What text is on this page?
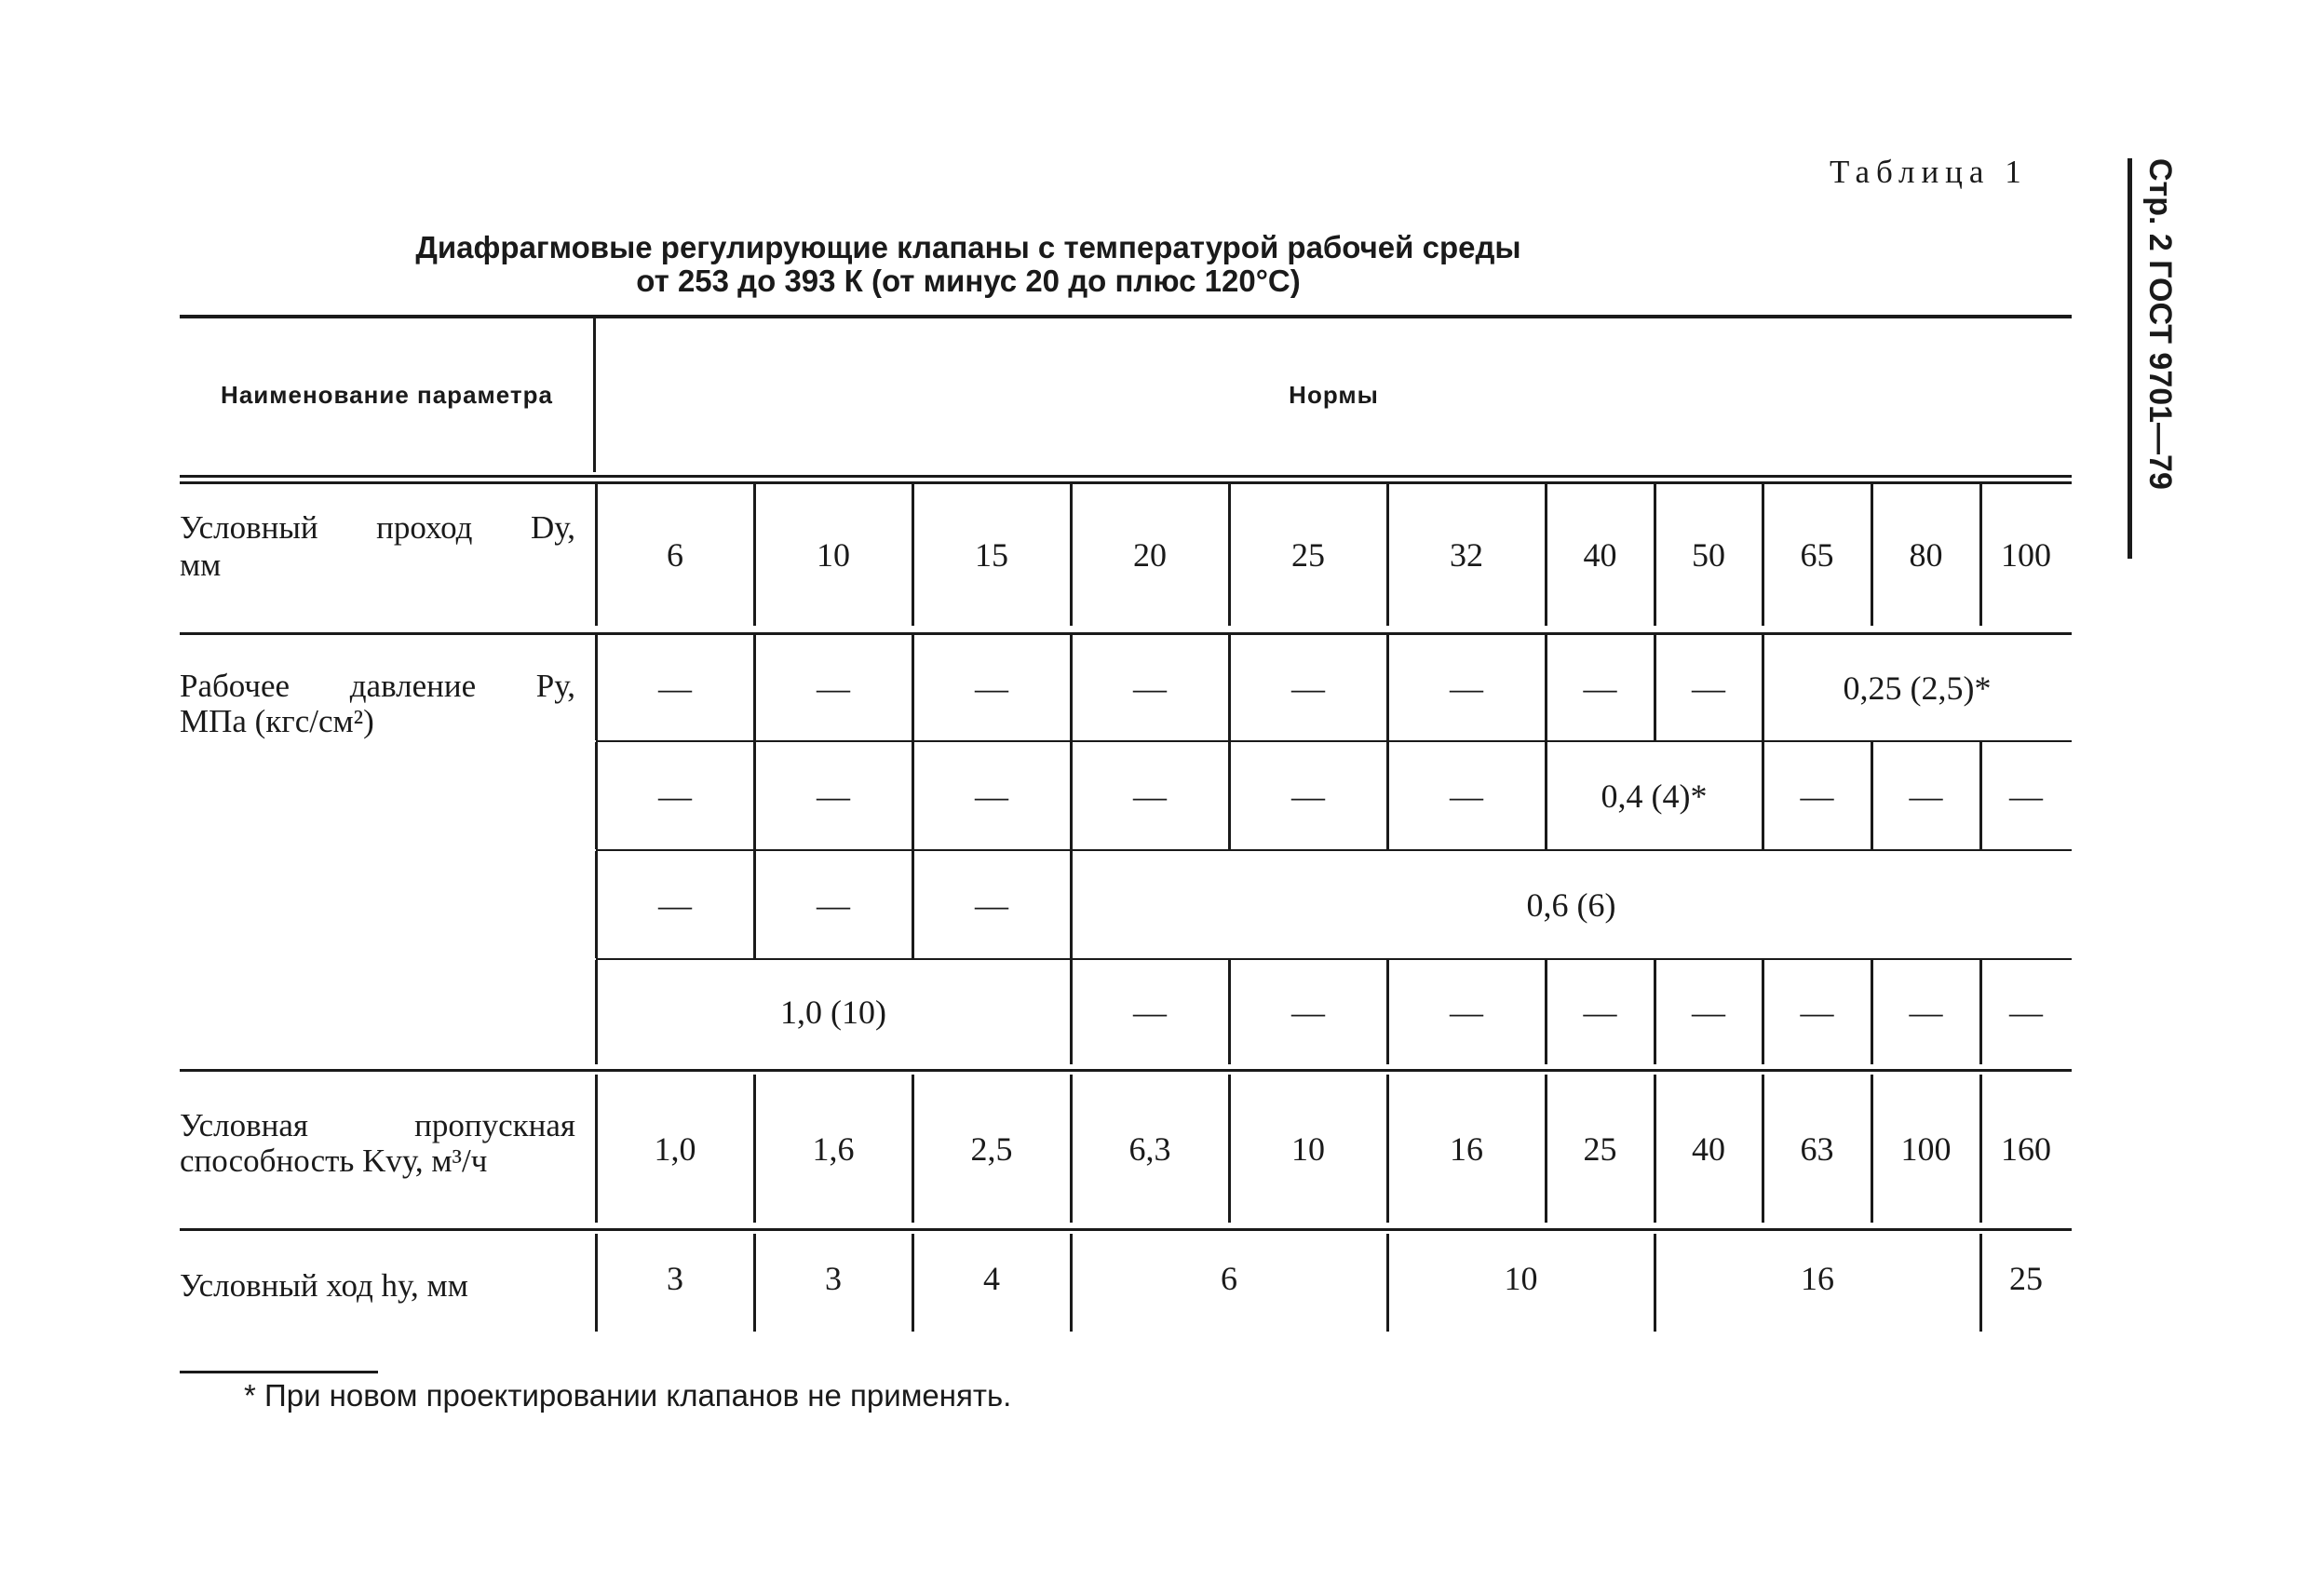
Таблица 1	Стр. 2 ГОСТ 9701—79
Диафрагмовые регулирующие клапаны с температурой рабочей среды
от 253 до 393 К (от минус 20 до плюс 120°С)
Наименование параметра	Нормы
Условный проход Dу,
мм	6	10	15	20	25	32	40	50	65	80	100
Рабочее давление Pу,
МПа (кгс/см²)
—	—	—	—	—	—	—	—	0,25 (2,5)*
—	—	—	—	—	—	0,4 (4)*	—	—	—
—	—	—	0,6 (6)
1,0 (10)	—	—	—	—	—	—	—	—
Условная пропускная
способность Kvу, м³/ч	1,0	1,6	2,5	6,3	10	16	25	40	63	100	160
Условный ход hу, мм	3	3	4	6	10	16	25
* При новом проектировании клапанов не применять.
